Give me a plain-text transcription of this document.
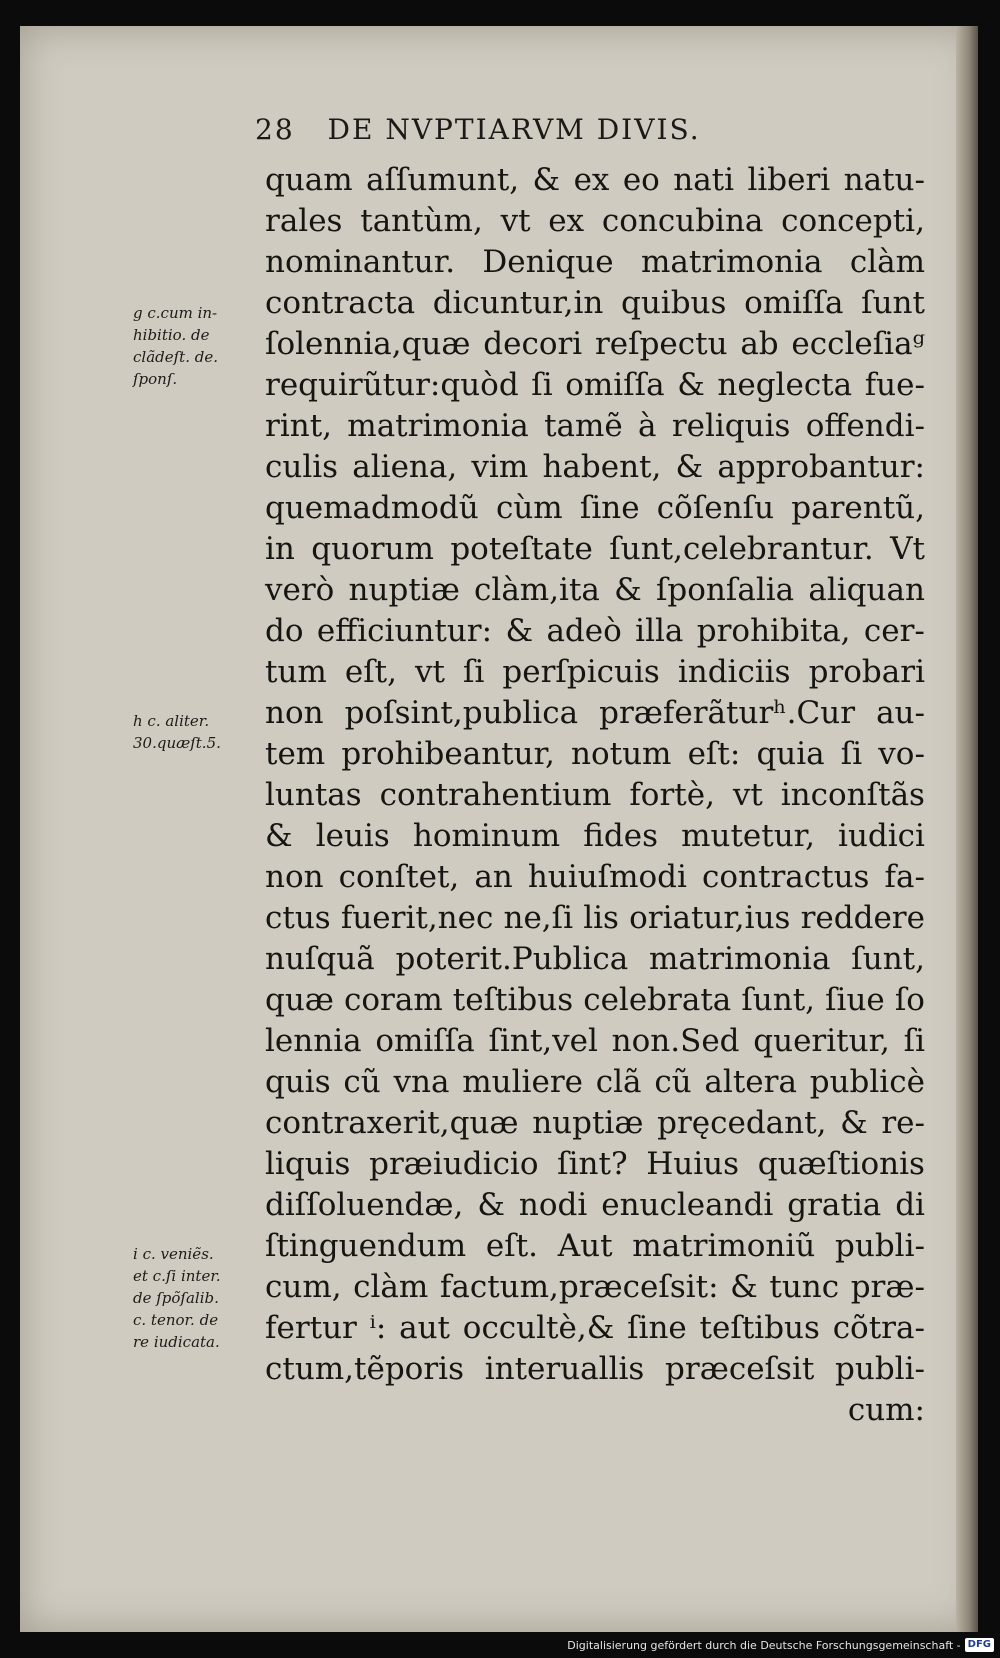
28 DE NVPTIARVM DIVIS.
quam aſſumunt, & ex eo nati liberi natu-
rales tantùm, vt ex concubina concepti,
nominantur. Denique matrimonia clàm
contracta dicuntur,in quibus omiſſa ſunt
ſolennia,quæ decori reſpectu ab eccleſiaᵍ
requirũtur:quòd ſi omiſſa & neglecta fue-
rint, matrimonia tamẽ à reliquis offendi-
culis aliena, vim habent, & approbantur:
quemadmodũ cùm ſine cõſenſu parentũ,
in quorum poteſtate ſunt,celebrantur. Vt
verò nuptiæ clàm,ita & ſponſalia aliquan
do efficiuntur: & adeò illa prohibita, cer-
tum eſt, vt ſi perſpicuis indiciis probari
non poſsint,publica præferãturʰ.Cur au-
tem prohibeantur, notum eſt: quia ſi vo-
luntas contrahentium fortè, vt inconſtãs
& leuis hominum fides mutetur, iudici
non conſtet, an huiuſmodi contractus fa-
ctus fuerit,nec ne,ſi lis oriatur,ius reddere
nuſquã poterit.Publica matrimonia ſunt,
quæ coram teſtibus celebrata ſunt, ſiue ſo
lennia omiſſa ſint,vel non.Sed queritur, ſi
quis cũ vna muliere clã cũ altera publicè
contraxerit,quæ nuptiæ pręcedant, & re-
liquis præiudicio ſint? Huius quæſtionis
diſſoluendæ, & nodi enucleandi gratia di
ſtinguendum eſt. Aut matrimoniũ publi-
cum, clàm factum,præceſsit: & tunc præ-
fertur ⁱ: aut occultè,& ſine teſtibus cõtra-
ctum,tẽporis interuallis præceſsit publi-
cum:
g c.cum in-
hibitio. de
clãdeſt. de.
ſponſ.
h c. aliter.
30.quæſt.5.
i c. veniẽs.
et c.ſi inter.
de ſpõſalib.
c. tenor. de
re iudicata.
Digitalisierung gefördert durch die Deutsche Forschungsgemeinschaft - DFG
